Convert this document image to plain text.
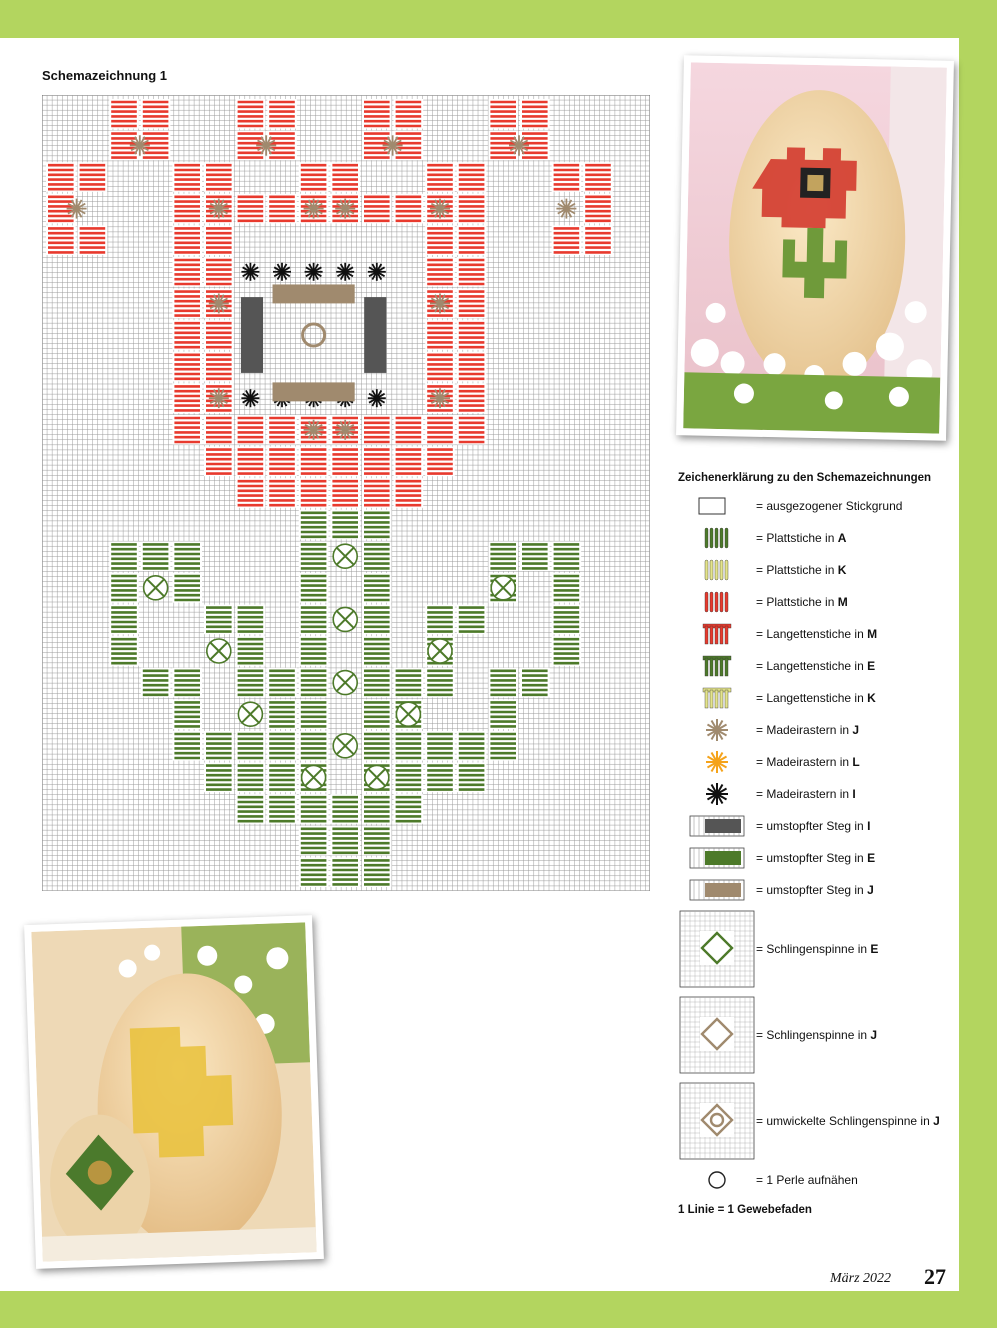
Schemazeichnung 1
Zeichenerklärung zu den Schemazeichnungen
= ausgezogener Stickgrund
= Plattstiche in A
= Plattstiche in K
= Plattstiche in M
= Langettenstiche in M
= Langettenstiche in E
= Langettenstiche in K
= Madeirastern in J
= Madeirastern in L
= Madeirastern in I
= umstopfter Steg in I
= umstopfter Steg in E
= umstopfter Steg in J
= Schlingenspinne in E
= Schlingenspinne in J
= umwickelte Schlingenspinne in J
= 1 Perle aufnähen
1 Linie = 1 Gewebefaden
März 2022 27
